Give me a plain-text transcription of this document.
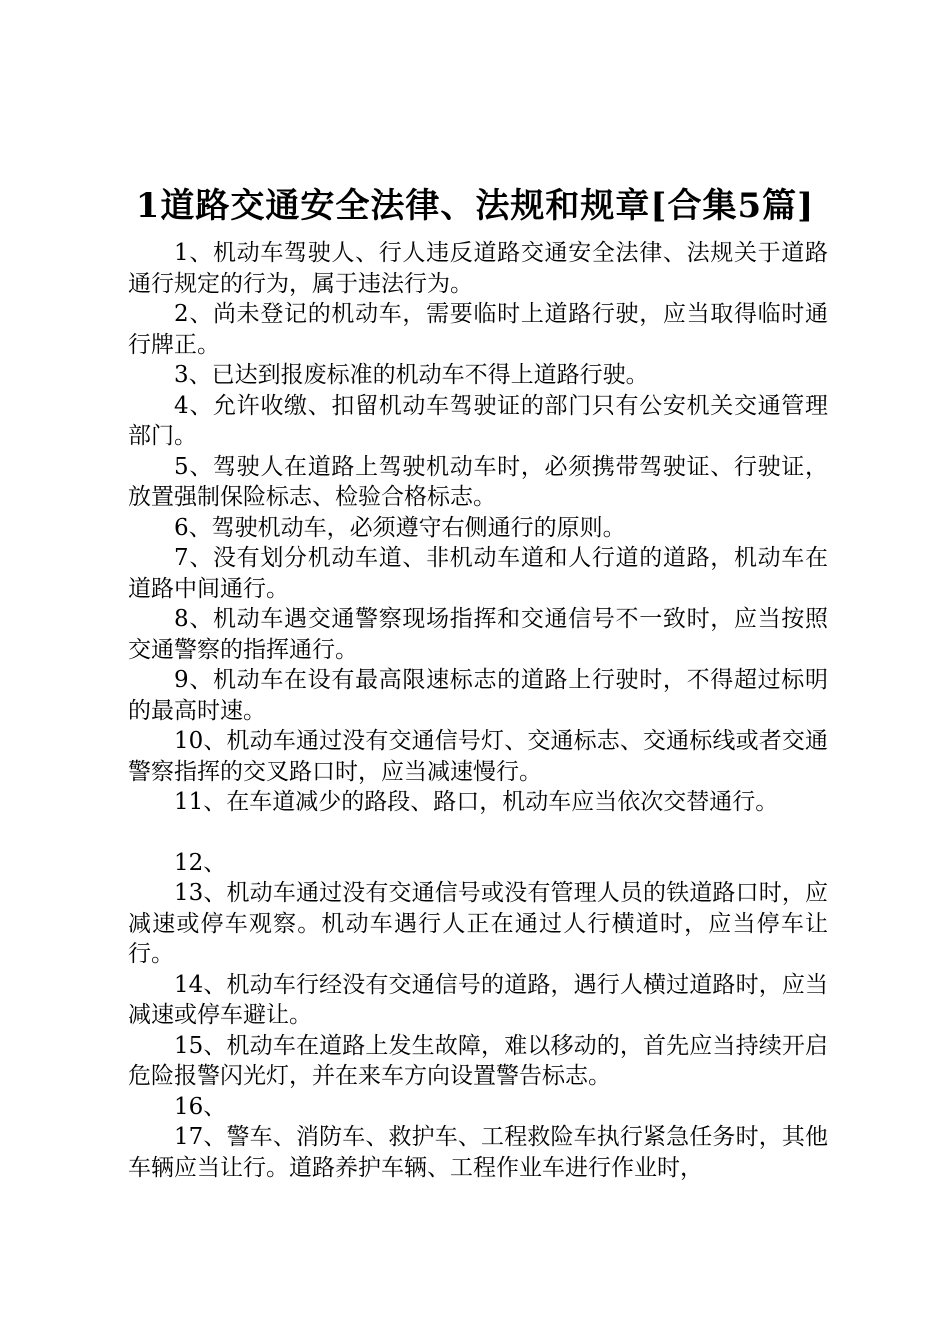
1道路交通安全法律、法规和规章[合集5篇]

1、机动车驾驶人、行人违反道路交通安全法律、法规关于道路通行规定的行为，属于违法行为。

2、尚未登记的机动车，需要临时上道路行驶，应当取得临时通行牌正。

3、已达到报废标准的机动车不得上道路行驶。

4、允许收缴、扣留机动车驾驶证的部门只有公安机关交通管理部门。

5、驾驶人在道路上驾驶机动车时，必须携带驾驶证、行驶证，放置强制保险标志、检验合格标志。

6、驾驶机动车，必须遵守右侧通行的原则。

7、没有划分机动车道、非机动车道和人行道的道路，机动车在道路中间通行。

8、机动车遇交通警察现场指挥和交通信号不一致时，应当按照交通警察的指挥通行。

9、机动车在设有最高限速标志的道路上行驶时，不得超过标明的最高时速。

10、机动车通过没有交通信号灯、交通标志、交通标线或者交通警察指挥的交叉路口时，应当减速慢行。

11、在车道减少的路段、路口，机动车应当依次交替通行。

12、

13、机动车通过没有交通信号或没有管理人员的铁道路口时，应减速或停车观察。机动车遇行人正在通过人行横道时，应当停车让行。

14、机动车行经没有交通信号的道路，遇行人横过道路时，应当减速或停车避让。

15、机动车在道路上发生故障，难以移动的，首先应当持续开启危险报警闪光灯，并在来车方向设置警告标志。

16、

17、警车、消防车、救护车、工程救险车执行紧急任务时，其他车辆应当让行。道路养护车辆、工程作业车进行作业时，
